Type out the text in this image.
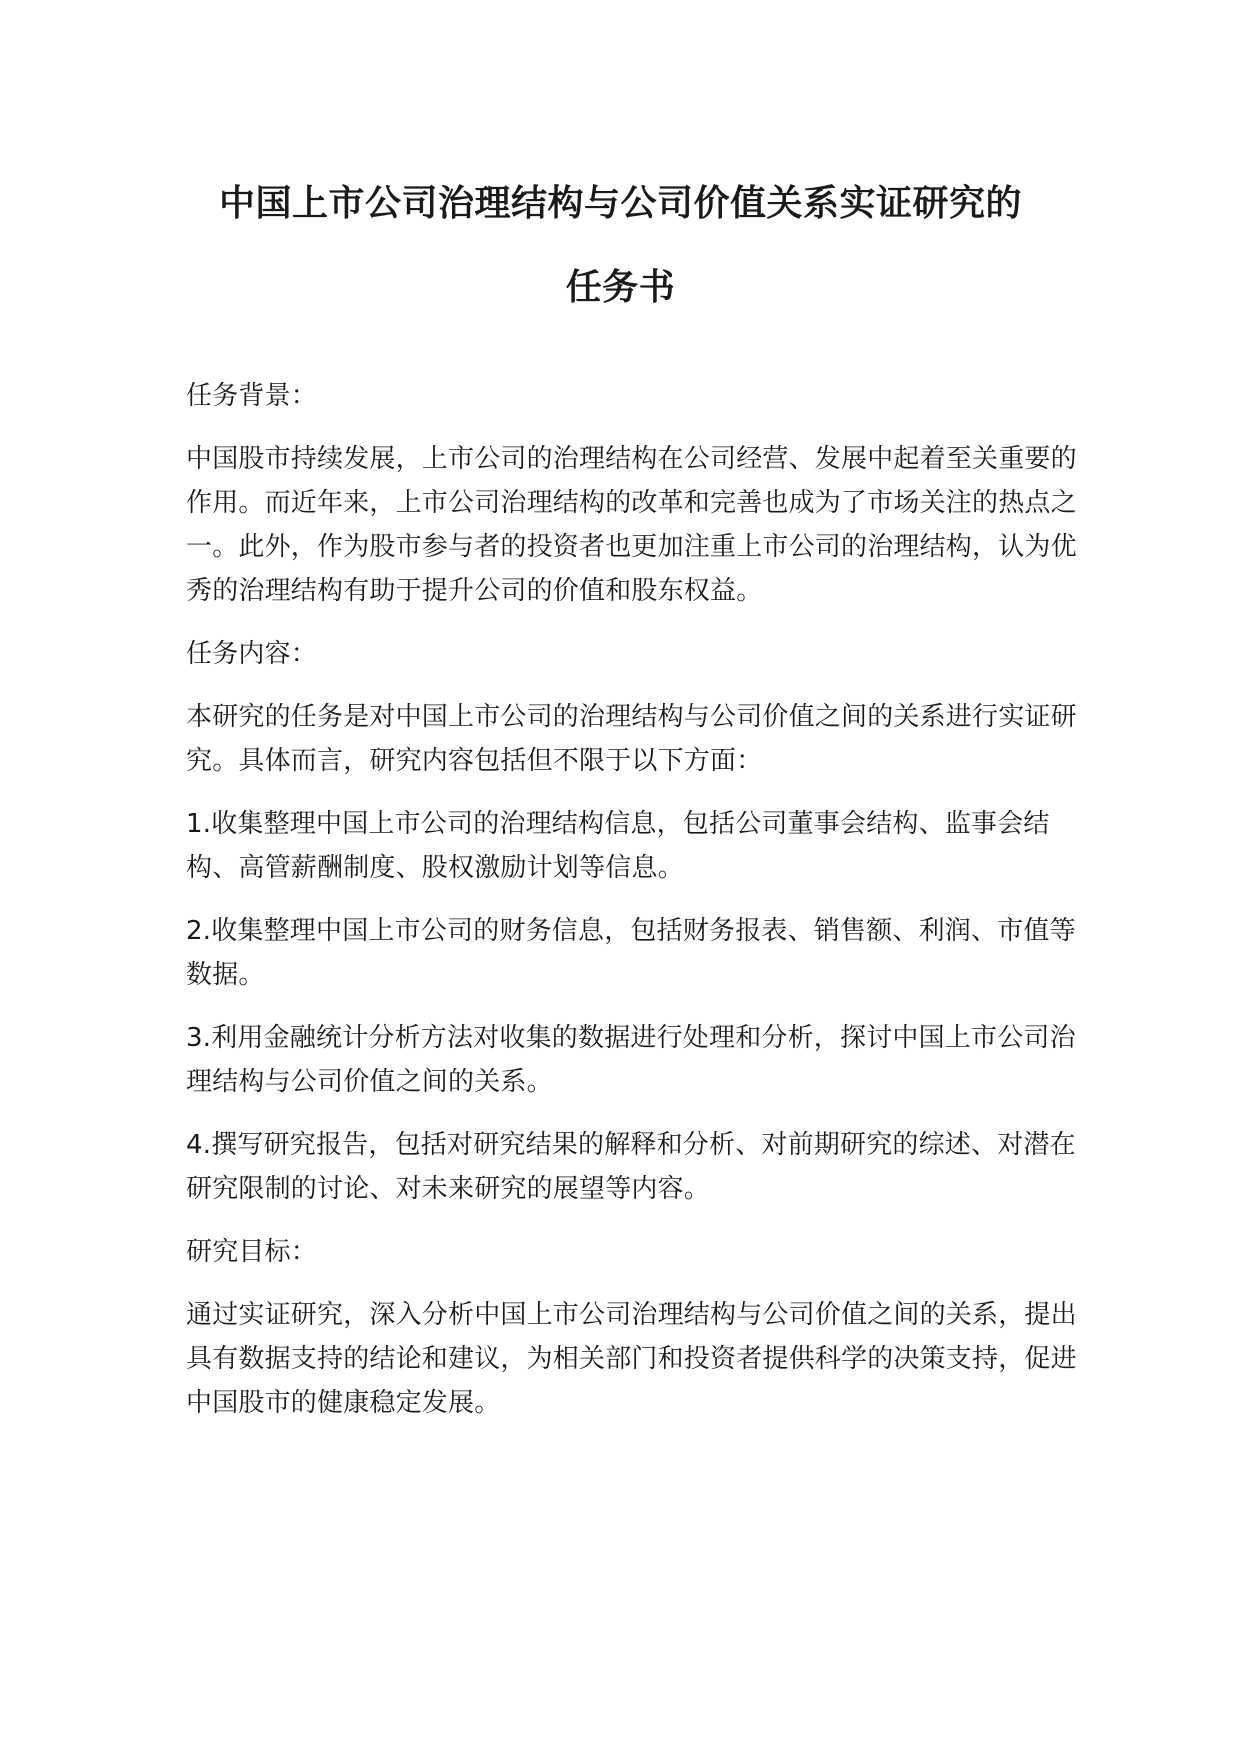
中国上市公司治理结构与公司价值关系实证研究的
任务书

任务背景：

中国股市持续发展，上市公司的治理结构在公司经营、发展中起着至关重要的作用。而近年来，上市公司治理结构的改革和完善也成为了市场关注的热点之一。此外，作为股市参与者的投资者也更加注重上市公司的治理结构，认为优秀的治理结构有助于提升公司的价值和股东权益。

任务内容：

本研究的任务是对中国上市公司的治理结构与公司价值之间的关系进行实证研究。具体而言，研究内容包括但不限于以下方面：

1.收集整理中国上市公司的治理结构信息，包括公司董事会结构、监事会结构、高管薪酬制度、股权激励计划等信息。

2.收集整理中国上市公司的财务信息，包括财务报表、销售额、利润、市值等数据。

3.利用金融统计分析方法对收集的数据进行处理和分析，探讨中国上市公司治理结构与公司价值之间的关系。

4.撰写研究报告，包括对研究结果的解释和分析、对前期研究的综述、对潜在研究限制的讨论、对未来研究的展望等内容。

研究目标：

通过实证研究，深入分析中国上市公司治理结构与公司价值之间的关系，提出具有数据支持的结论和建议，为相关部门和投资者提供科学的决策支持，促进中国股市的健康稳定发展。
